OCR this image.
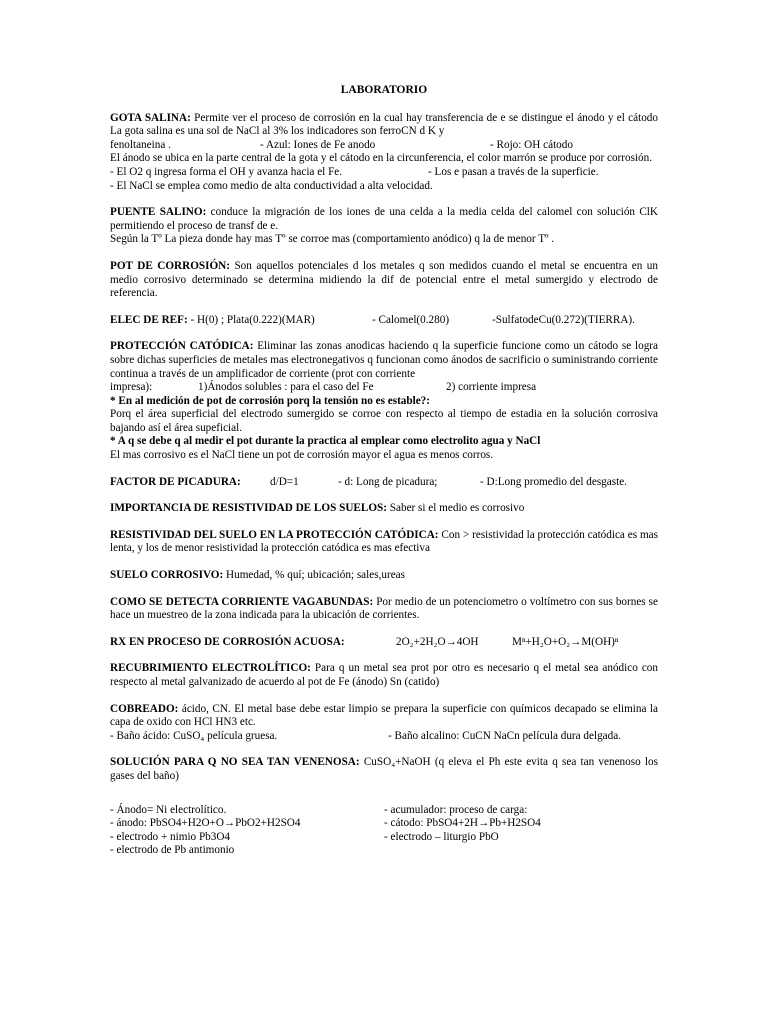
LABORATORIO

GOTA SALINA: Permite ver el proceso de corrosión en la cual hay transferencia de e se distingue el ánodo y el cátodo La gota salina es una sol de NaCl al 3% los indicadores son ferroCN d K y

fenoltaneina .	- Azul: Iones de Fe anodo	- Rojo: OH cátodo

El ánodo se ubica en la parte central de la gota y el cátodo en la circunferencia, el color marrón se produce por corrosión.

- El O2 q ingresa forma el OH y avanza hacia el Fe.	- Los e pasan a través de la superficie.

- El NaCl se emplea como medio de alta conductividad a alta velocidad.

PUENTE SALINO: conduce la migración de los iones de una celda a la media celda del calomel con solución ClK permitiendo el proceso de transf de e.

Según la Tº La pieza donde hay mas Tº se corroe mas (comportamiento anódico) q la de menor Tº .

POT DE CORROSIÓN: Son aquellos potenciales d los metales q son medidos cuando el metal se encuentra en un medio corrosivo determinado se determina midiendo la dif de potencial entre el metal sumergido y electrodo de referencia.

ELEC DE REF: - H(0) ; Plata(0.222)(MAR)	- Calomel(0.280)	-SulfatodeCu(0.272)(TIERRA).

PROTECCIÓN CATÓDICA: Eliminar las zonas anodicas haciendo q la superficie funcione como un cátodo se logra sobre dichas superficies de metales mas electronegativos q funcionan como ánodos de sacrificio o suministrando corriente continua a través de un amplificador de corriente (prot con corriente

impresa):	1)Ánodos solubles : para el caso del Fe	2) corriente impresa

* En al medición de pot de corrosión porq la tensión no es estable?:

Porq el área superficial del electrodo sumergido se corroe con respecto al tiempo de estadia en la solución corrosiva bajando así el área supeficial.

* A q se debe q al medir el pot durante la practica al emplear como electrolito agua y NaCl

El mas corrosivo es el NaCl tiene un pot de corrosión mayor el agua es menos corros.

FACTOR DE PICADURA:	d/D=1	- d: Long de picadura;	- D:Long promedio del desgaste.

IMPORTANCIA DE RESISTIVIDAD DE LOS SUELOS: Saber si el medio es corrosivo

RESISTIVIDAD DEL SUELO EN LA PROTECCIÓN CATÓDICA: Con > resistividad la protección catódica es mas lenta, y los de menor resistividad la protección catódica es mas efectiva

SUELO CORROSIVO: Humedad, % quí; ubicación; sales,ureas

COMO SE DETECTA CORRIENTE VAGABUNDAS: Por medio de un potenciometro o voltímetro con sus bornes se hace un muestreo de la zona indicada para la ubicación de corrientes.

RX EN PROCESO DE CORROSIÓN ACUOSA:	2O₂+2H₂O→4OH	Mⁿ+H₂O+O₂→M(OH)ⁿ

RECUBRIMIENTO ELECTROLÍTICO: Para q un metal sea prot por otro es necesario q el metal sea anódico con respecto al metal galvanizado de acuerdo al pot de Fe (ánodo) Sn (catido)

COBREADO: ácido, CN. El metal base debe estar limpio se prepara la superficie con químicos decapado se elimina la capa de oxido con HCl HN3 etc.

- Baño ácido: CuSO₄ película gruesa.	- Baño alcalino: CuCN NaCn película dura delgada.

SOLUCIÓN PARA Q NO SEA TAN VENENOSA: CuSO₄+NaOH (q eleva el Ph este evita q sea tan venenoso los gases del baño)

- Ánodo= Ni electrolítico.

- ánodo: PbSO4+H2O+O→PbO2+H2SO4

- electrodo + nimio Pb3O4

- electrodo de Pb antimonio

- acumulador: proceso de carga:

- cátodo: PbSO4+2H→Pb+H2SO4

- electrodo – liturgio PbO
